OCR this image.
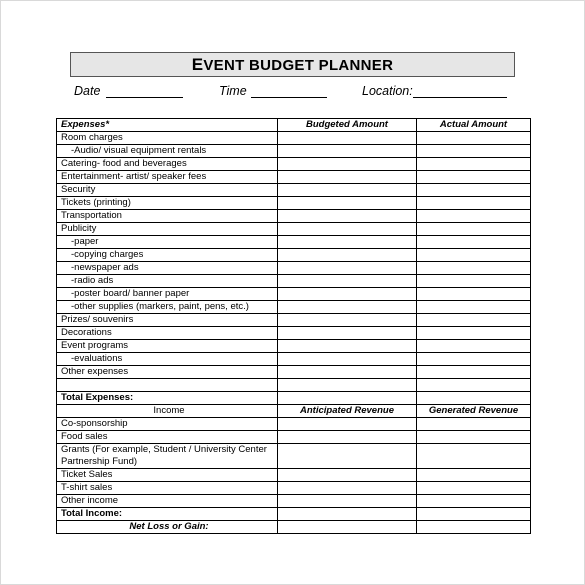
EVENT BUDGET PLANNER
Date	Time	Location:
Expenses*	Budgeted Amount	Actual Amount
Room charges		
-Audio/ visual equipment rentals		
Catering- food and beverages		
Entertainment- artist/ speaker fees		
Security		
Tickets (printing)		
Transportation		
Publicity		
-paper		
-copying charges		
-newspaper ads		
-radio ads		
-poster board/ banner paper		
-other supplies (markers, paint, pens, etc.)		
Prizes/ souvenirs		
Decorations		
Event programs		
-evaluations		
Other expenses		

Total Expenses:		
Income	Anticipated Revenue	Generated Revenue
Co-sponsorship		
Food sales		
Grants (For example, Student / University Center Partnership Fund)		
Ticket Sales		
T-shirt sales		
Other income		
Total Income:		
Net Loss or Gain:		
